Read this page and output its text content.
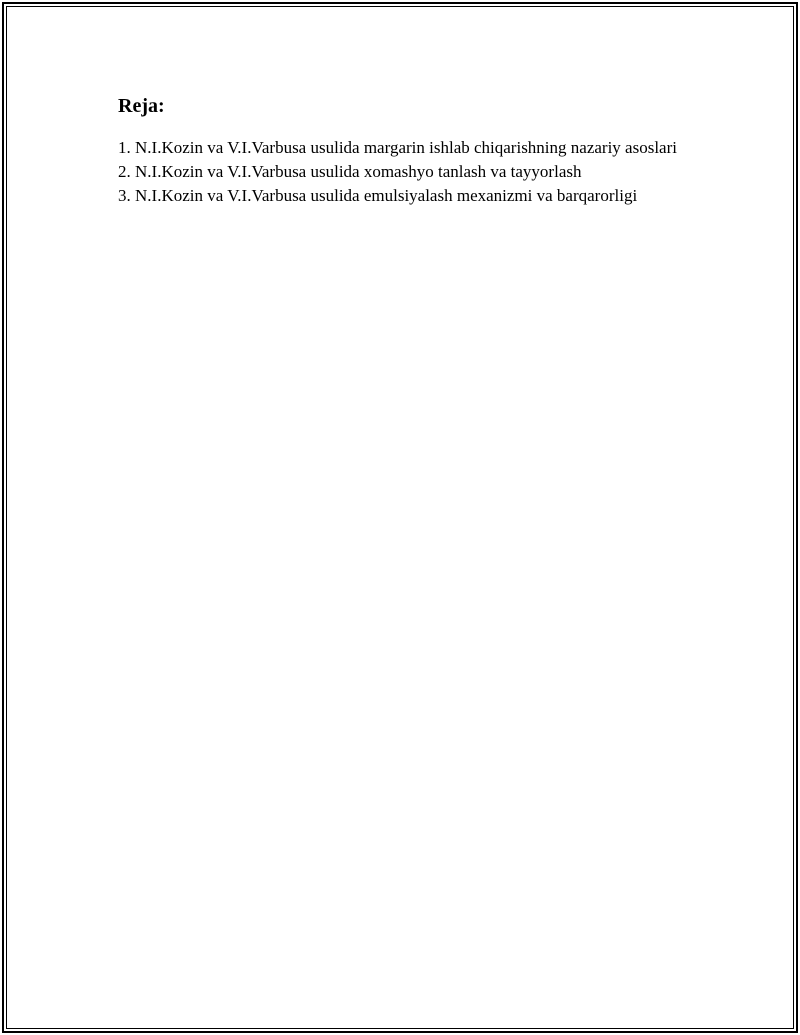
Reja:
1. N.I.Kozin va V.I.Varbusa usulida margarin ishlab chiqarishning nazariy asoslari
2. N.I.Kozin va V.I.Varbusa usulida xomashyo tanlash va tayyorlash
3. N.I.Kozin va V.I.Varbusa usulida emulsiyalash mexanizmi va barqarorligi
